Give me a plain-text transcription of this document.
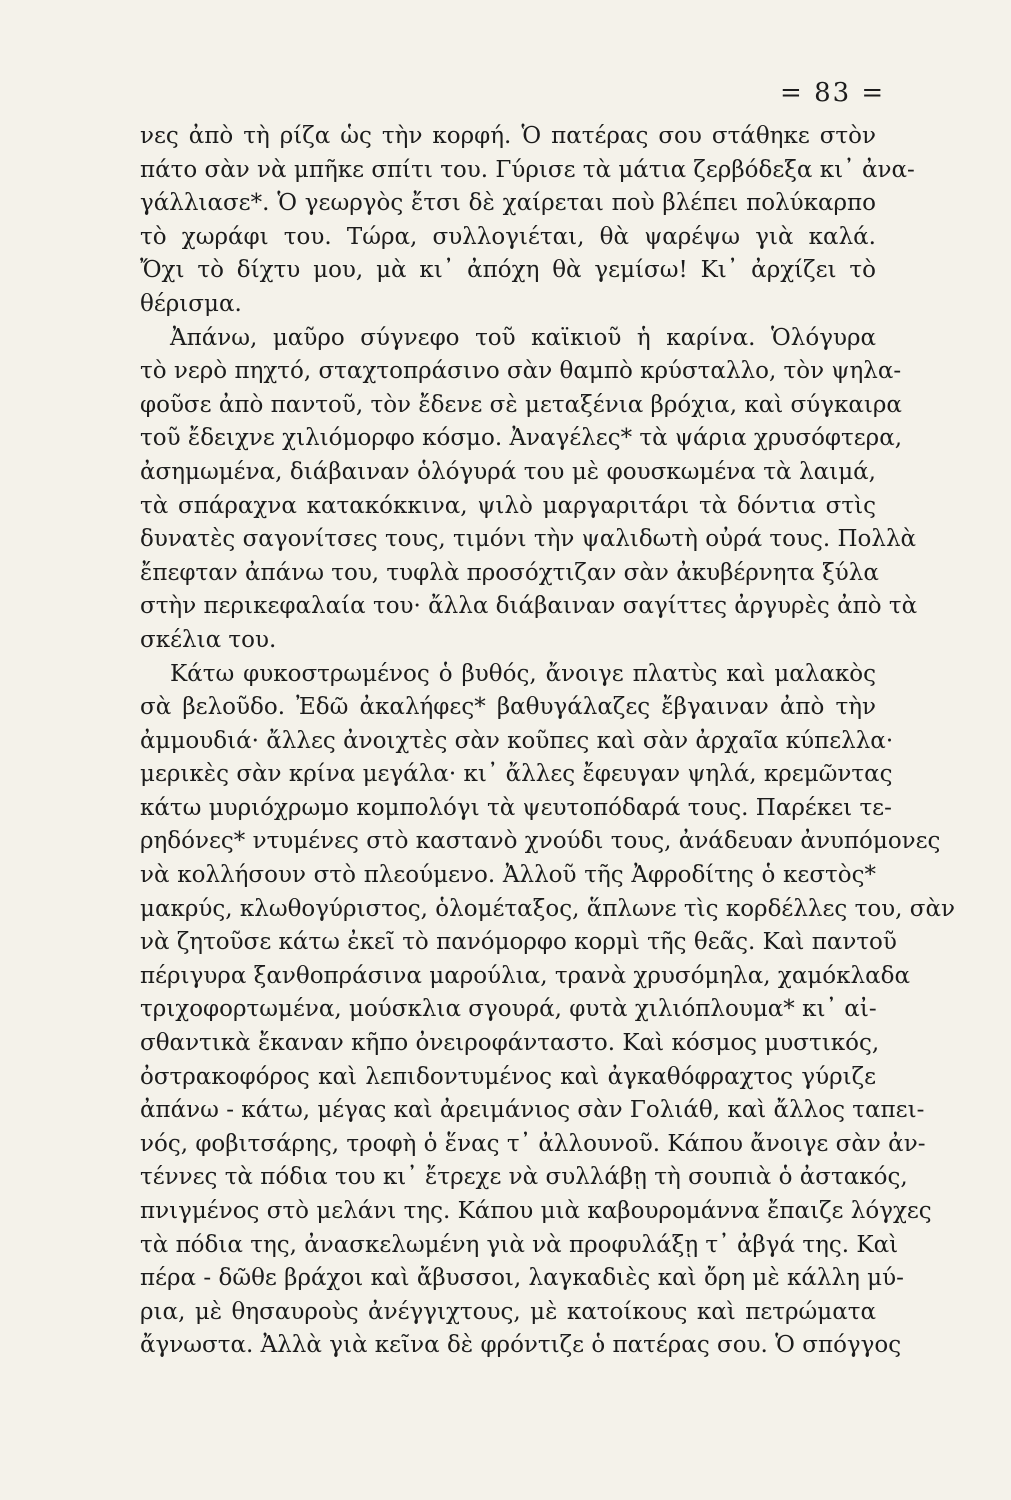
= 83 =
νες ἀπὸ τὴ ρίζα ὡς τὴν κορφή. Ὁ πατέρας σου στάθηκε στὸν
πάτο σὰν νὰ μπῆκε σπίτι του. Γύρισε τὰ μάτια ζερβόδεξα κι᾽ ἀνα-
γάλλιασε*. Ὁ γεωργὸς ἔτσι δὲ χαίρεται ποὺ βλέπει πολύκαρπο
τὸ χωράφι του. Τώρα, συλλογιέται, θὰ ψαρέψω γιὰ καλά.
Ὄχι τὸ δίχτυ μου, μὰ κι᾽ ἀπόχη θὰ γεμίσω! Κι᾽ ἀρχίζει τὸ
θέρισμα.
Ἀπάνω, μαῦρο σύγνεφο τοῦ καϊκιοῦ ἡ καρίνα. Ὁλόγυρα
τὸ νερὸ πηχτό, σταχτοπράσινο σὰν θαμπὸ κρύσταλλο, τὸν ψηλα-
φοῦσε ἀπὸ παντοῦ, τὸν ἔδενε σὲ μεταξένια βρόχια, καὶ σύγκαιρα
τοῦ ἔδειχνε χιλιόμορφο κόσμο. Ἀναγέλες* τὰ ψάρια χρυσόφτερα,
ἀσημωμένα, διάβαιναν ὁλόγυρά του μὲ φουσκωμένα τὰ λαιμά,
τὰ σπάραχνα κατακόκκινα, ψιλὸ μαργαριτάρι τὰ δόντια στὶς
δυνατὲς σαγονίτσες τους, τιμόνι τὴν ψαλιδωτὴ οὐρά τους. Πολλὰ
ἔπεφταν ἀπάνω του, τυφλὰ προσόχτιζαν σὰν ἀκυβέρνητα ξύλα
στὴν περικεφαλαία του· ἄλλα διάβαιναν σαγίττες ἀργυρὲς ἀπὸ τὰ
σκέλια του.
Κάτω φυκοστρωμένος ὁ βυθός, ἄνοιγε πλατὺς καὶ μαλακὸς
σὰ βελοῦδο. Ἐδῶ ἀκαλήφες* βαθυγάλαζες ἔβγαιναν ἀπὸ τὴν
ἀμμουδιά· ἄλλες ἀνοιχτὲς σὰν κοῦπες καὶ σὰν ἀρχαῖα κύπελλα·
μερικὲς σὰν κρίνα μεγάλα· κι᾽ ἄλλες ἔφευγαν ψηλά, κρεμῶντας
κάτω μυριόχρωμο κομπολόγι τὰ ψευτοπόδαρά τους. Παρέκει τε-
ρηδόνες* ντυμένες στὸ καστανὸ χνούδι τους, ἀνάδευαν ἀνυπόμονες
νὰ κολλήσουν στὸ πλεούμενο. Ἀλλοῦ τῆς Ἀφροδίτης ὁ κεστὸς*
μακρύς, κλωθογύριστος, ὁλομέταξος, ἅπλωνε τὶς κορδέλλες του, σὰν
νὰ ζητοῦσε κάτω ἐκεῖ τὸ πανόμορφο κορμὶ τῆς θεᾶς. Καὶ παντοῦ
πέριγυρα ξανθοπράσινα μαρούλια, τρανὰ χρυσόμηλα, χαμόκλαδα
τριχοφορτωμένα, μούσκλια σγουρά, φυτὰ χιλιόπλουμα* κι᾽ αἰ-
σθαντικὰ ἔκαναν κῆπο ὀνειροφάνταστο. Καὶ κόσμος μυστικός,
ὀστρακοφόρος καὶ λεπιδοντυμένος καὶ ἀγκαθόφραχτος γύριζε
ἀπάνω - κάτω, μέγας καὶ ἀρειμάνιος σὰν Γολιάθ, καὶ ἄλλος ταπει-
νός, φοβιτσάρης, τροφὴ ὁ ἕνας τ᾽ ἀλλουνοῦ. Κάπου ἄνοιγε σὰν ἀν-
τέννες τὰ πόδια του κι᾽ ἔτρεχε νὰ συλλάβῃ τὴ σουπιὰ ὁ ἀστακός,
πνιγμένος στὸ μελάνι της. Κάπου μιὰ καβουρομάννα ἔπαιζε λόγχες
τὰ πόδια της, ἀνασκελωμένη γιὰ νὰ προφυλάξῃ τ᾽ ἀβγά της. Καὶ
πέρα - δῶθε βράχοι καὶ ἄβυσσοι, λαγκαδιὲς καὶ ὄρη μὲ κάλλη μύ-
ρια, μὲ θησαυροὺς ἀνέγγιχτους, μὲ κατοίκους καὶ πετρώματα
ἄγνωστα. Ἀλλὰ γιὰ κεῖνα δὲ φρόντιζε ὁ πατέρας σου. Ὁ σπόγγος
